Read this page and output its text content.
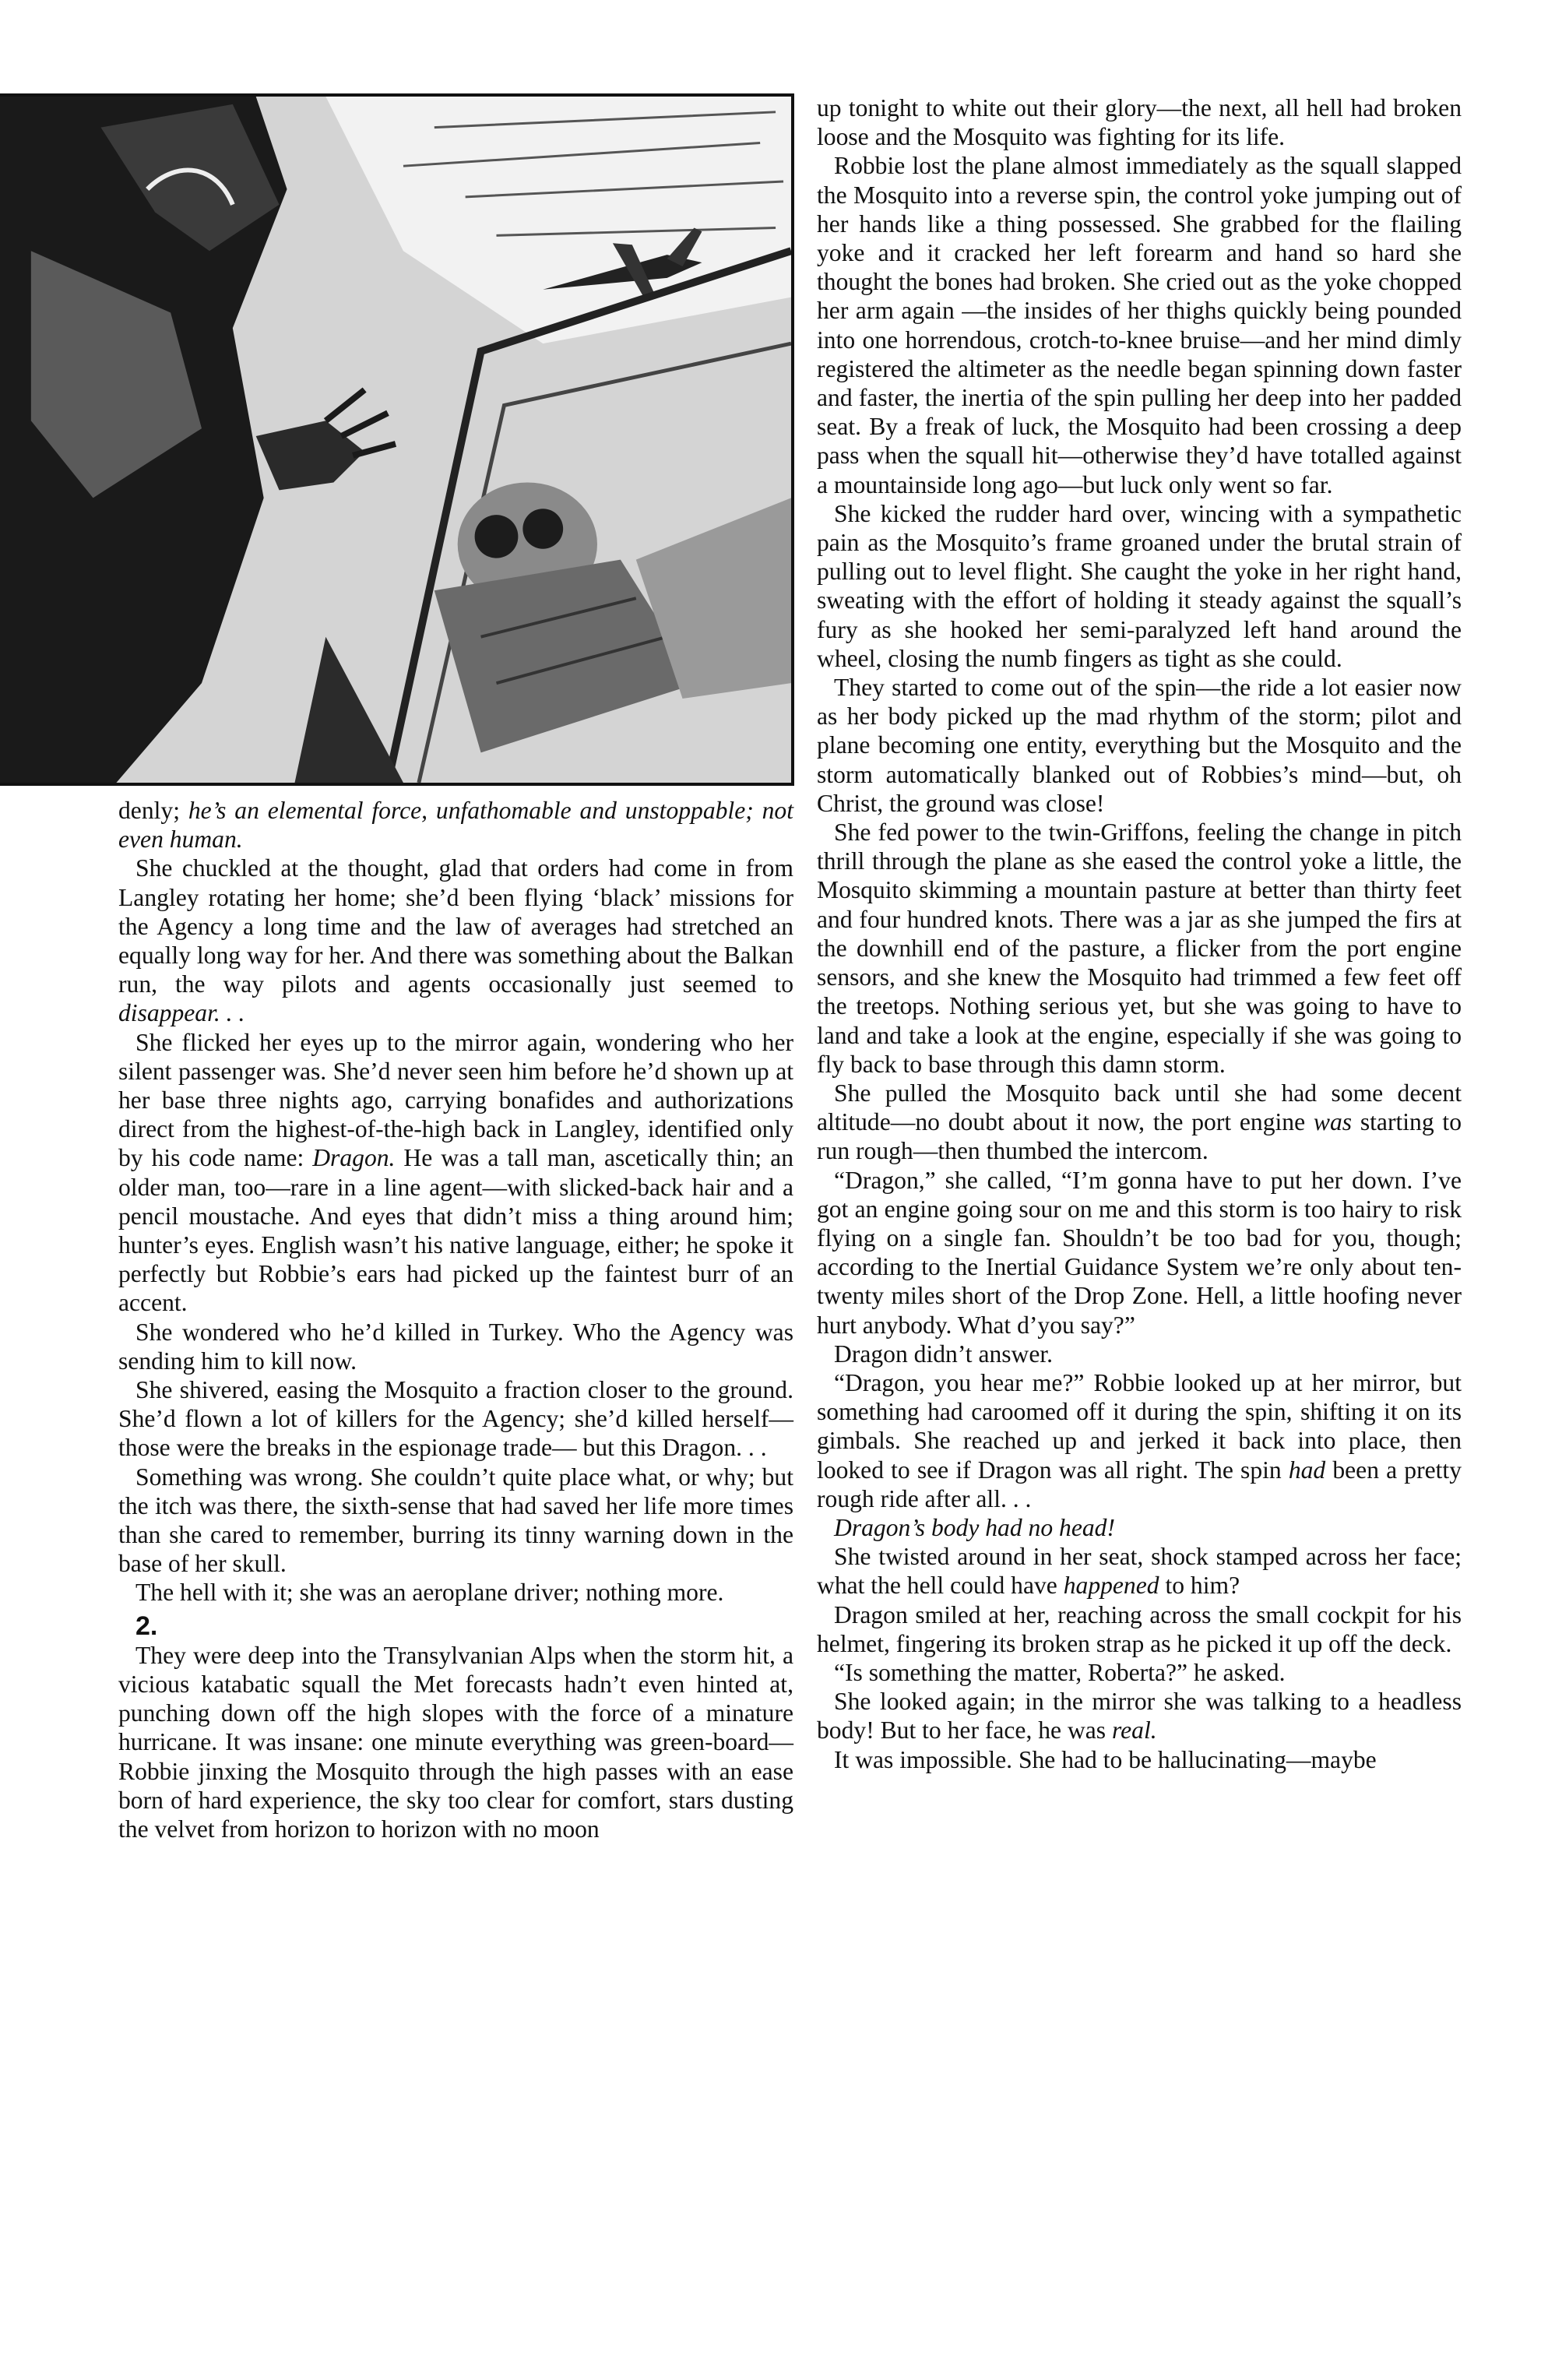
denly; he’s an elemental force, unfathomable and unstoppable; not even human.

She chuckled at the thought, glad that orders had come in from Langley rotating her home; she’d been flying ‘black’ missions for the Agency a long time and the law of averages had stretched an equally long way for her. And there was something about the Balkan run, the way pilots and agents occasionally just seemed to disappear. . .

She flicked her eyes up to the mirror again, wondering who her silent passenger was. She’d never seen him before he’d shown up at her base three nights ago, carrying bonafides and authorizations direct from the highest-of-the-high back in Langley, identified only by his code name: Dragon. He was a tall man, ascetically thin; an older man, too—rare in a line agent—with slicked-back hair and a pencil moustache. And eyes that didn’t miss a thing around him; hunter’s eyes. English wasn’t his native language, either; he spoke it perfectly but Robbie’s ears had picked up the faintest burr of an accent.

She wondered who he’d killed in Turkey. Who the Agency was sending him to kill now.

She shivered, easing the Mosquito a fraction closer to the ground. She’d flown a lot of killers for the Agency; she’d killed herself—those were the breaks in the espionage trade— but this Dragon. . .

Something was wrong. She couldn’t quite place what, or why; but the itch was there, the sixth-sense that had saved her life more times than she cared to remember, burring its tinny warning down in the base of her skull.

The hell with it; she was an aeroplane driver; nothing more.

2.

They were deep into the Transylvanian Alps when the storm hit, a vicious katabatic squall the Met forecasts hadn’t even hinted at, punching down off the high slopes with the force of a minature hurricane. It was insane: one minute everything was green-board—Robbie jinxing the Mosquito through the high passes with an ease born of hard experience, the sky too clear for comfort, stars dusting the velvet from horizon to horizon with no moon

up tonight to white out their glory—the next, all hell had broken loose and the Mosquito was fighting for its life.

Robbie lost the plane almost immediately as the squall slapped the Mosquito into a reverse spin, the control yoke jumping out of her hands like a thing possessed. She grabbed for the flailing yoke and it cracked her left forearm and hand so hard she thought the bones had broken. She cried out as the yoke chopped her arm again —the insides of her thighs quickly being pounded into one horrendous, crotch-to-knee bruise—and her mind dimly registered the altimeter as the needle began spinning down faster and faster, the inertia of the spin pulling her deep into her padded seat. By a freak of luck, the Mosquito had been crossing a deep pass when the squall hit—otherwise they’d have totalled against a mountainside long ago—but luck only went so far.

She kicked the rudder hard over, wincing with a sympathetic pain as the Mosquito’s frame groaned under the brutal strain of pulling out to level flight. She caught the yoke in her right hand, sweating with the effort of holding it steady against the squall’s fury as she hooked her semi-paralyzed left hand around the wheel, closing the numb fingers as tight as she could.

They started to come out of the spin—the ride a lot easier now as her body picked up the mad rhythm of the storm; pilot and plane becoming one entity, everything but the Mosquito and the storm automatically blanked out of Robbies’s mind—but, oh Christ, the ground was close!

She fed power to the twin-Griffons, feeling the change in pitch thrill through the plane as she eased the control yoke a little, the Mosquito skimming a mountain pasture at better than thirty feet and four hundred knots. There was a jar as she jumped the firs at the downhill end of the pasture, a flicker from the port engine sensors, and she knew the Mosquito had trimmed a few feet off the treetops. Nothing serious yet, but she was going to have to land and take a look at the engine, especially if she was going to fly back to base through this damn storm.

She pulled the Mosquito back until she had some decent altitude—no doubt about it now, the port engine was starting to run rough—then thumbed the intercom.

“Dragon,” she called, “I’m gonna have to put her down. I’ve got an engine going sour on me and this storm is too hairy to risk flying on a single fan. Shouldn’t be too bad for you, though; according to the Inertial Guidance System we’re only about ten-twenty miles short of the Drop Zone. Hell, a little hoofing never hurt anybody. What d’you say?”

Dragon didn’t answer.

“Dragon, you hear me?” Robbie looked up at her mirror, but something had caroomed off it during the spin, shifting it on its gimbals. She reached up and jerked it back into place, then looked to see if Dragon was all right. The spin had been a pretty rough ride after all. . .

Dragon’s body had no head!

She twisted around in her seat, shock stamped across her face; what the hell could have happened to him?

Dragon smiled at her, reaching across the small cockpit for his helmet, fingering its broken strap as he picked it up off the deck.

“Is something the matter, Roberta?” he asked.

She looked again; in the mirror she was talking to a headless body! But to her face, he was real.

It was impossible. She had to be hallucinating—maybe
